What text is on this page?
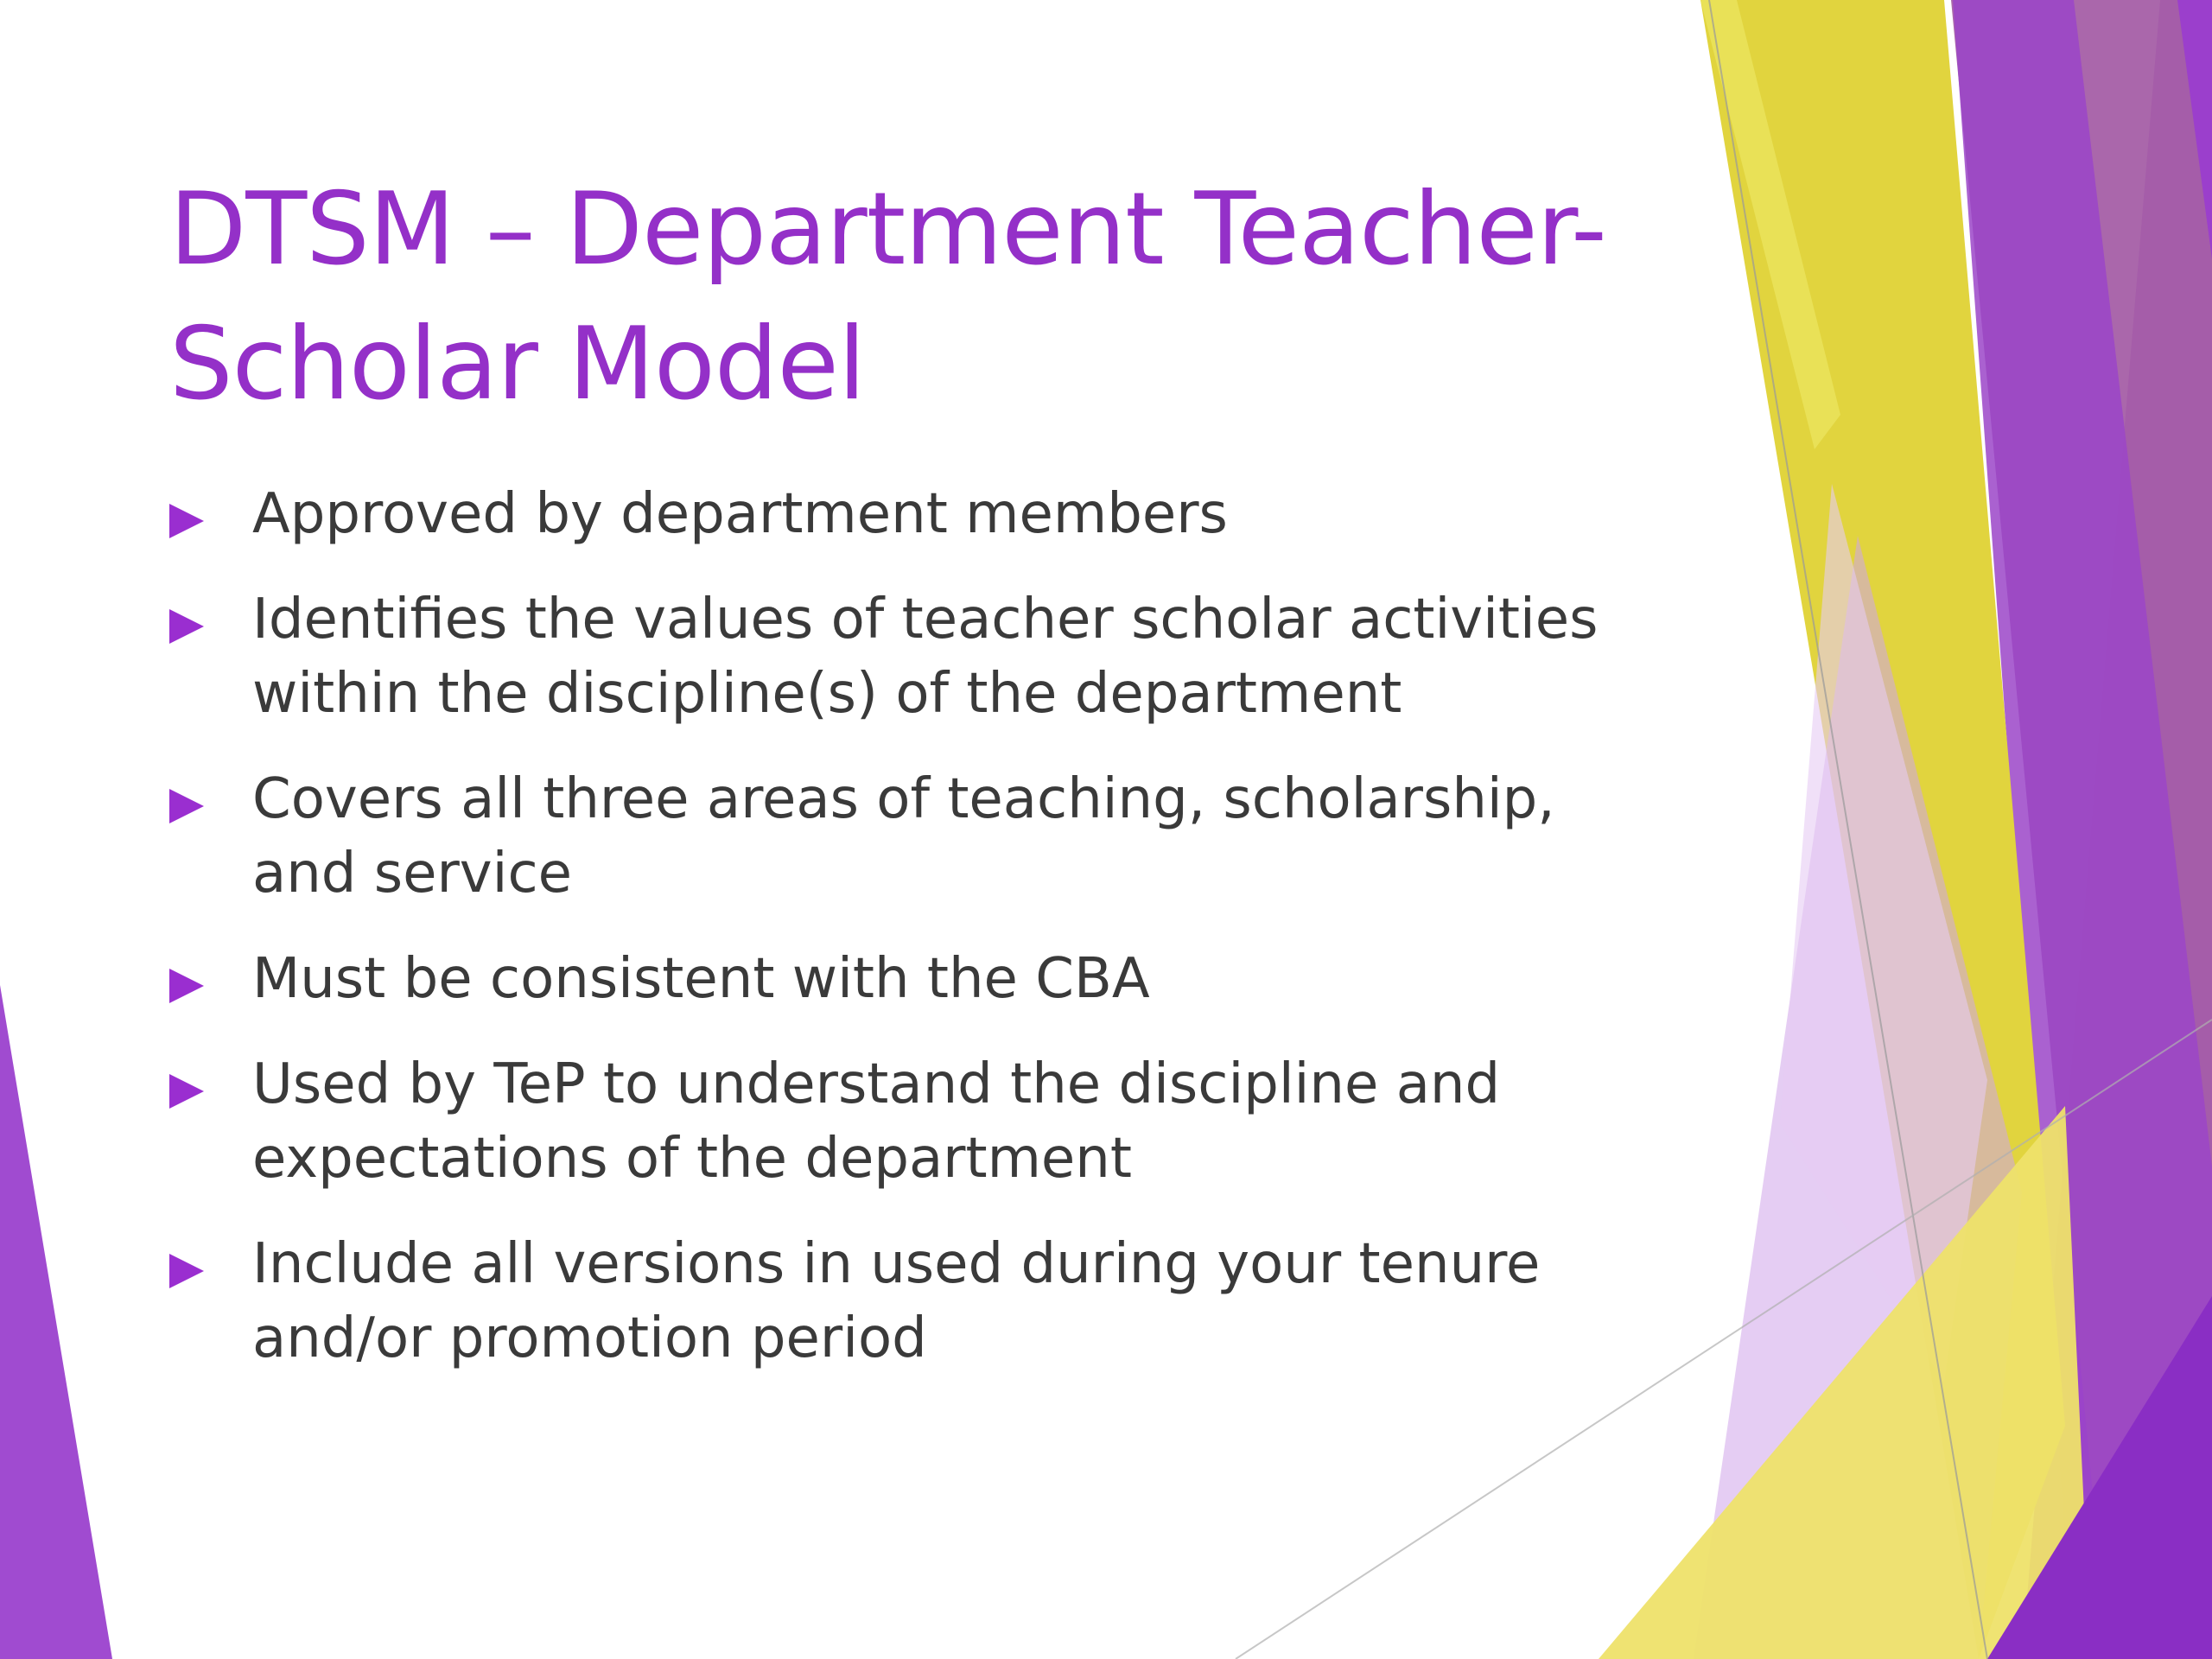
DTSM – Department Teacher-Scholar Model
Approved by department members
Identifies the values of teacher scholar activities within the discipline(s) of the department
Covers all three areas of teaching, scholarship, and service
Must be consistent with the CBA
Used by TeP to understand the discipline and expectations of the department
Include all versions in used during your tenure and/or promotion period
